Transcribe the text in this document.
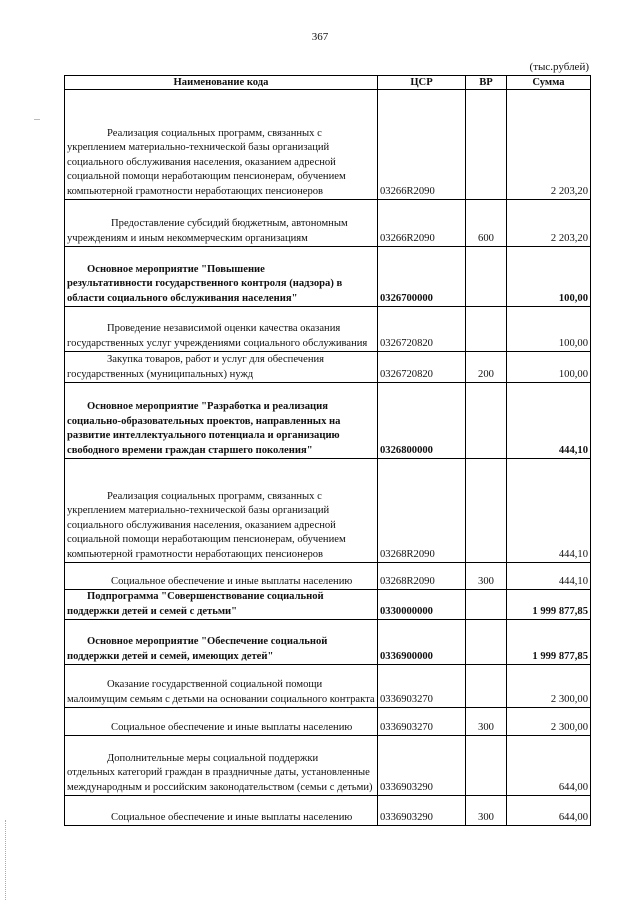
367
(тыс.рублей)
Наименование кода	ЦСР	ВР	Сумма

Реализация социальных программ, связанных с
укреплением материально-технической базы организаций социального обслуживания населения, оказанием адресной социальной помощи неработающим пенсионерам, обучением компьютерной грамотности неработающих пенсионеров	03266R2090		2 203,20

Предоставление субсидий бюджетным, автономным
учреждениям и иным некоммерческим организациям	03266R2090	600	2 203,20

Основное мероприятие "Повышение
результативности государственного контроля (надзора) в области социального обслуживания населения"	0326700000		100,00

Проведение независимой оценки качества оказания
государственных услуг учреждениями социального обслуживания	0326720820		100,00

Закупка товаров, работ и услуг для обеспечения
государственных (муниципальных) нужд	0326720820	200	100,00

Основное мероприятие "Разработка и реализация
социально-образовательных проектов, направленных на развитие интеллектуального потенциала и организацию свободного времени граждан старшего поколения"	0326800000		444,10

Реализация социальных программ, связанных с
укреплением материально-технической базы организаций социального обслуживания населения, оказанием адресной социальной помощи неработающим пенсионерам, обучением компьютерной грамотности неработающих пенсионеров	03268R2090		444,10

Социальное обеспечение и иные выплаты населению	03268R2090	300	444,10

Подпрограмма "Совершенствование социальной
поддержки детей и семей с детьми"	0330000000		1 999 877,85

Основное мероприятие "Обеспечение социальной
поддержки детей и семей, имеющих детей"	0336900000		1 999 877,85

Оказание государственной социальной помощи
малоимущим семьям с детьми на основании социального контракта	0336903270		2 300,00

Социальное обеспечение и иные выплаты населению	0336903270	300	2 300,00

Дополнительные меры социальной поддержки
отдельных категорий граждан в праздничные даты, установленные международным и российским законодательством (семьи с детьми)	0336903290		644,00

Социальное обеспечение и иные выплаты населению	0336903290	300	644,00
